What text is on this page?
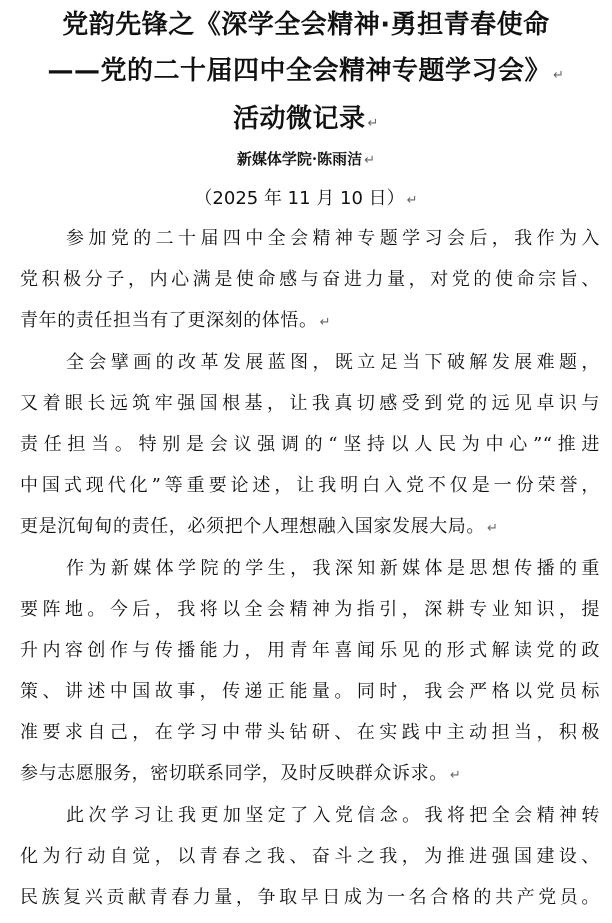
党韵先锋之《深学全会精神·勇担青春使命
——党的二十届四中全会精神专题学习会》 ↵
活动微记录 ↵
新媒体学院·陈雨洁 ↵
（2025 年 11 月 10 日） ↵
参加党的二十届四中全会精神专题学习会后，我作为入
党积极分子，内心满是使命感与奋进力量，对党的使命宗旨、
青年的责任担当有了更深刻的体悟。 ↵
全会擘画的改革发展蓝图，既立足当下破解发展难题，
又着眼长远筑牢强国根基，让我真切感受到党的远见卓识与
责任担当。特别是会议强调的“坚持以人民为中心”“推进
中国式现代化”等重要论述，让我明白入党不仅是一份荣誉，
更是沉甸甸的责任，必须把个人理想融入国家发展大局。 ↵
作为新媒体学院的学生，我深知新媒体是思想传播的重
要阵地。今后，我将以全会精神为指引，深耕专业知识，提
升内容创作与传播能力，用青年喜闻乐见的形式解读党的政
策、讲述中国故事，传递正能量。同时，我会严格以党员标
准要求自己，在学习中带头钻研、在实践中主动担当，积极
参与志愿服务，密切联系同学，及时反映群众诉求。 ↵
此次学习让我更加坚定了入党信念。我将把全会精神转
化为行动自觉，以青春之我、奋斗之我，为推进强国建设、
民族复兴贡献青春力量，争取早日成为一名合格的共产党员。
